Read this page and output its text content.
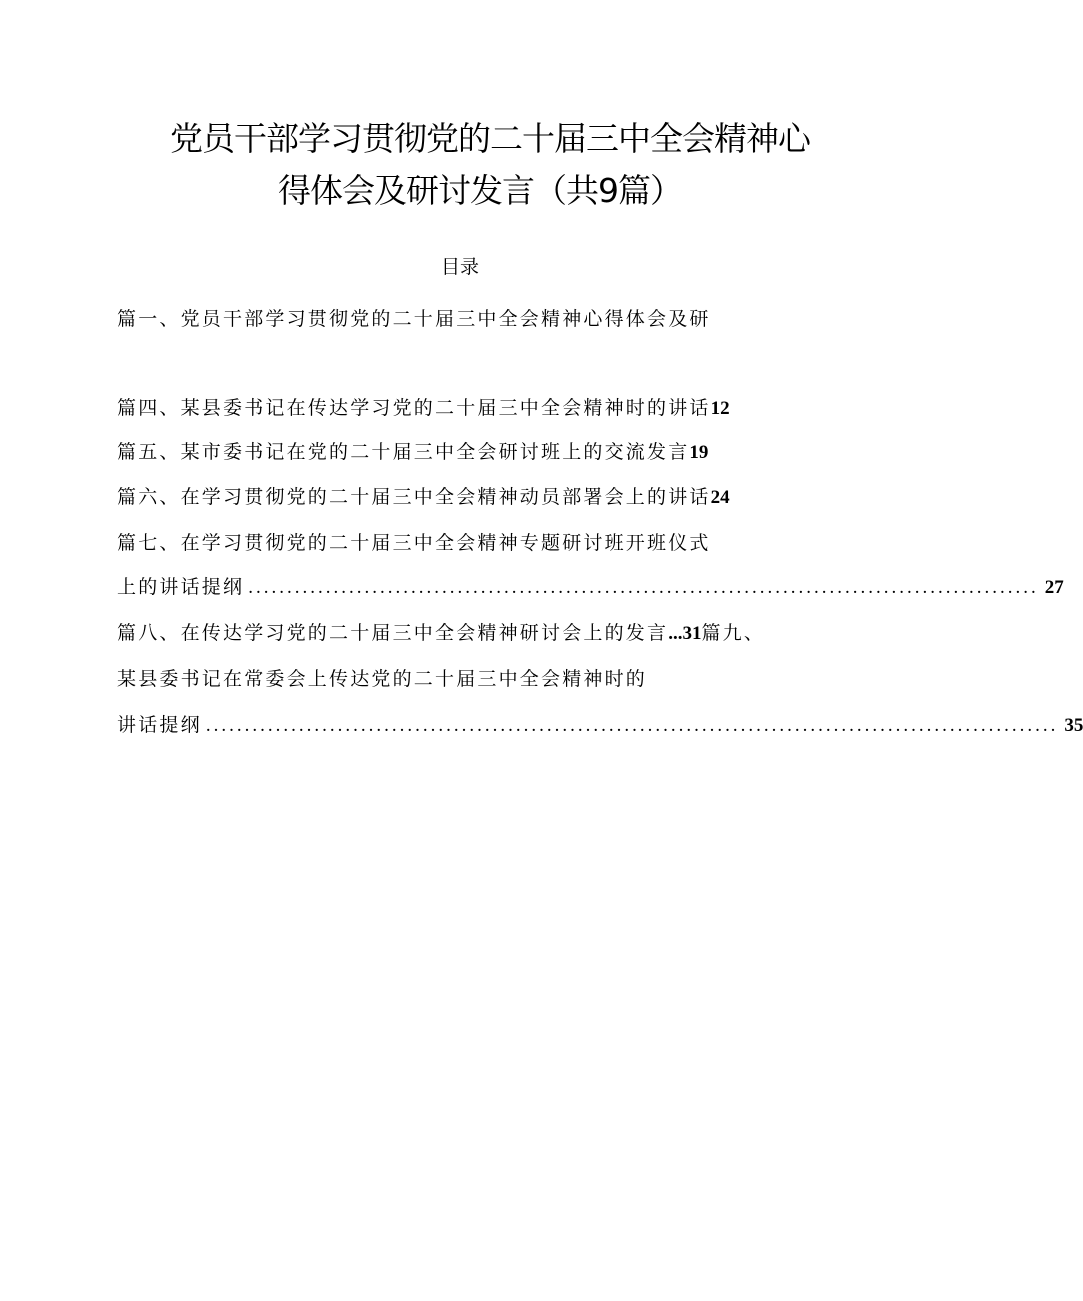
党员干部学习贯彻党的二十届三中全会精神心
得体会及研讨发言（共9篇）
目录
篇一、党员干部学习贯彻党的二十届三中全会精神心得体会及研
篇四、某县委书记在传达学习党的二十届三中全会精神时的讲话12
篇五、某市委书记在党的二十届三中全会研讨班上的交流发言19
篇六、在学习贯彻党的二十届三中全会精神动员部署会上的讲话24
篇七、在学习贯彻党的二十届三中全会精神专题研讨班开班仪式
上的讲话提纲 ...................................................................................................... 27
篇八、在传达学习党的二十届三中全会精神研讨会上的发言...31篇九、
某县委书记在常委会上传达党的二十届三中全会精神时的
讲话提纲 .............................................................................................................. 35
